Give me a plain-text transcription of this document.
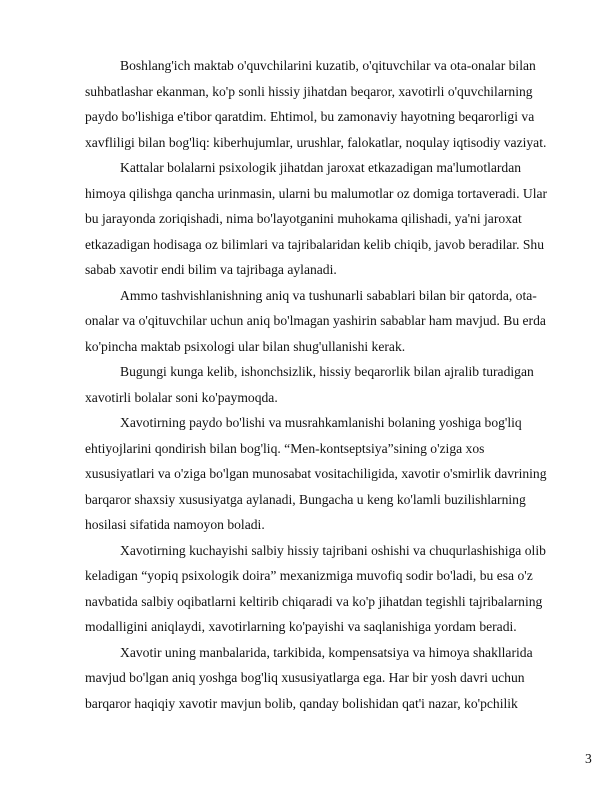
Boshlang'ich maktab o'quvchilarini kuzatib, o'qituvchilar va ota-onalar bilan

suhbatlashar ekanman, ko'p sonli hissiy jihatdan beqaror, xavotirli o'quvchilarning

paydo bo'lishiga e'tibor qaratdim. Ehtimol, bu zamonaviy hayotning beqarorligi va

xavfliligi bilan bog'liq: kiberhujumlar, urushlar, falokatlar, noqulay iqtisodiy vaziyat.

Kattalar bolalarni psixologik jihatdan jaroxat etkazadigan ma'lumotlardan

himoya qilishga qancha urinmasin, ularni bu malumotlar oz domiga tortaveradi. Ular

bu jarayonda zoriqishadi, nima bo'layotganini muhokama qilishadi, ya'ni jaroxat

etkazadigan hodisaga oz bilimlari va tajribalaridan kelib chiqib, javob beradilar. Shu

sabab xavotir endi bilim va tajribaga aylanadi.

Ammo tashvishlanishning aniq va tushunarli sabablari bilan bir qatorda, ota-

onalar va o'qituvchilar uchun aniq bo'lmagan yashirin sabablar ham mavjud. Bu erda

ko'pincha maktab psixologi ular bilan shug'ullanishi kerak.

Bugungi kunga kelib, ishonchsizlik, hissiy beqarorlik bilan ajralib turadigan

xavotirli bolalar soni ko'paymoqda.

Xavotirning paydo bo'lishi va musrahkamlanishi bolaning yoshiga bog'liq

ehtiyojlarini qondirish bilan bog'liq. “Men-kontseptsiya”sining o'ziga xos

xususiyatlari va o'ziga bo'lgan munosabat vositachiligida, xavotir o'smirlik davrining

barqaror shaxsiy xususiyatga aylanadi, Bungacha u keng ko'lamli buzilishlarning

hosilasi sifatida namoyon boladi.

Xavotirning kuchayishi salbiy hissiy tajribani oshishi va chuqurlashishiga olib

keladigan “yopiq psixologik doira” mexanizmiga muvofiq sodir bo'ladi, bu esa o'z

navbatida salbiy oqibatlarni keltirib chiqaradi va ko'p jihatdan tegishli tajribalarning

modalligini aniqlaydi, xavotirlarning ko'payishi va saqlanishiga yordam beradi.

Xavotir uning manbalarida, tarkibida, kompensatsiya va himoya shakllarida

mavjud bo'lgan aniq yoshga bog'liq xususiyatlarga ega. Har bir yosh davri uchun

barqaror haqiqiy xavotir mavjun bolib, qanday bolishidan qat'i nazar, ko'pchilik

3
